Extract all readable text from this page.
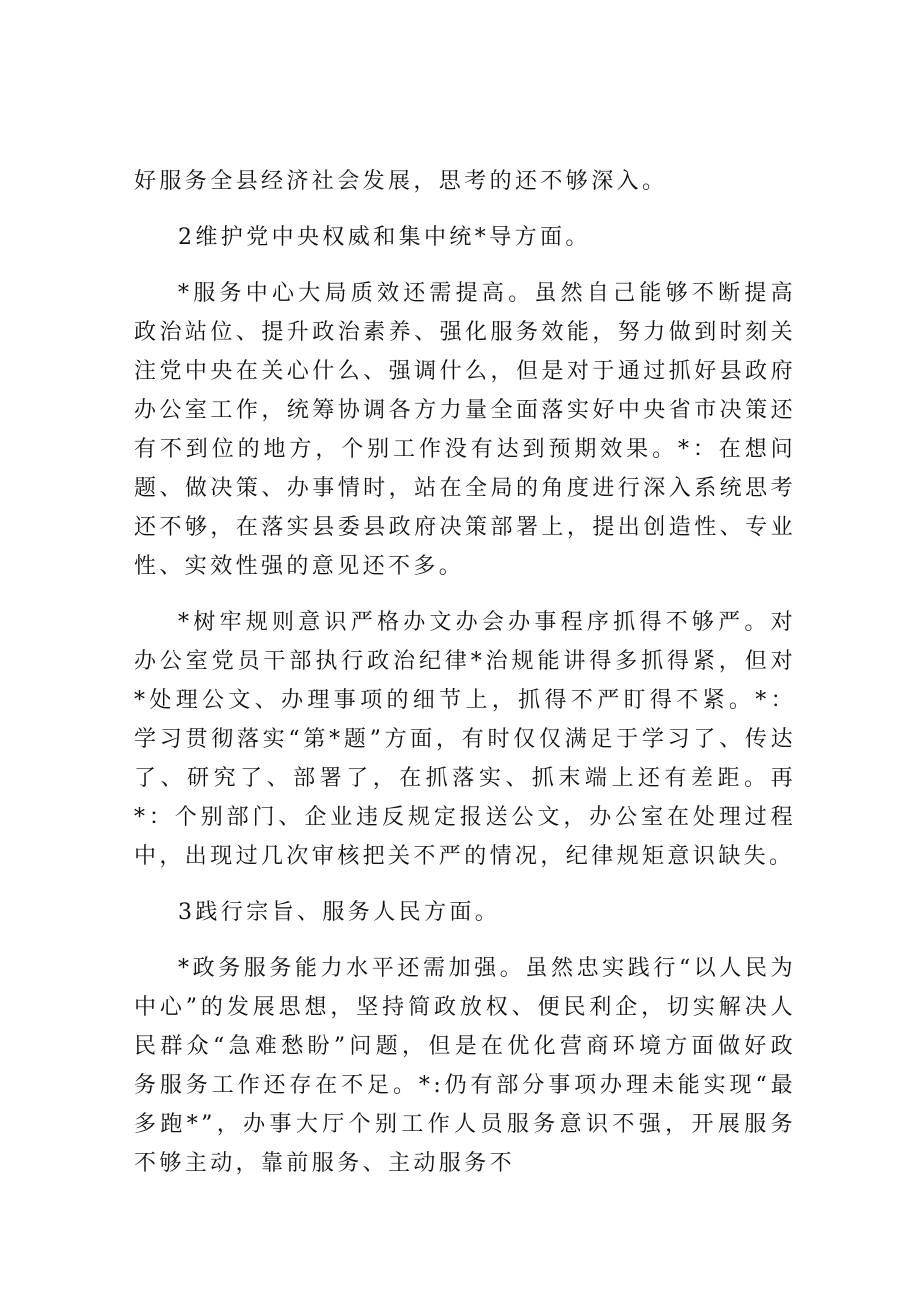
好服务全县经济社会发展，思考的还不够深入。

2维护党中央权威和集中统*导方面。

*服务中心大局质效还需提高。虽然自己能够不断提高政治站位、提升政治素养、强化服务效能，努力做到时刻关注党中央在关心什么、强调什么，但是对于通过抓好县政府办公室工作，统筹协调各方力量全面落实好中央省市决策还有不到位的地方，个别工作没有达到预期效果。*：在想问题、做决策、办事情时，站在全局的角度进行深入系统思考还不够，在落实县委县政府决策部署上，提出创造性、专业性、实效性强的意见还不多。

*树牢规则意识严格办文办会办事程序抓得不够严。对办公室党员干部执行政治纪律*治规能讲得多抓得紧，但对*处理公文、办理事项的细节上，抓得不严盯得不紧。*：学习贯彻落实“第*题”方面，有时仅仅满足于学习了、传达了、研究了、部署了，在抓落实、抓末端上还有差距。再*：个别部门、企业违反规定报送公文，办公室在处理过程中，出现过几次审核把关不严的情况，纪律规矩意识缺失。

3践行宗旨、服务人民方面。

*政务服务能力水平还需加强。虽然忠实践行“以人民为中心”的发展思想，坚持简政放权、便民利企，切实解决人民群众“急难愁盼”问题，但是在优化营商环境方面做好政务服务工作还存在不足。*:仍有部分事项办理未能实现“最多跑*”，办事大厅个别工作人员服务意识不强，开展服务不够主动，靠前服务、主动服务不
